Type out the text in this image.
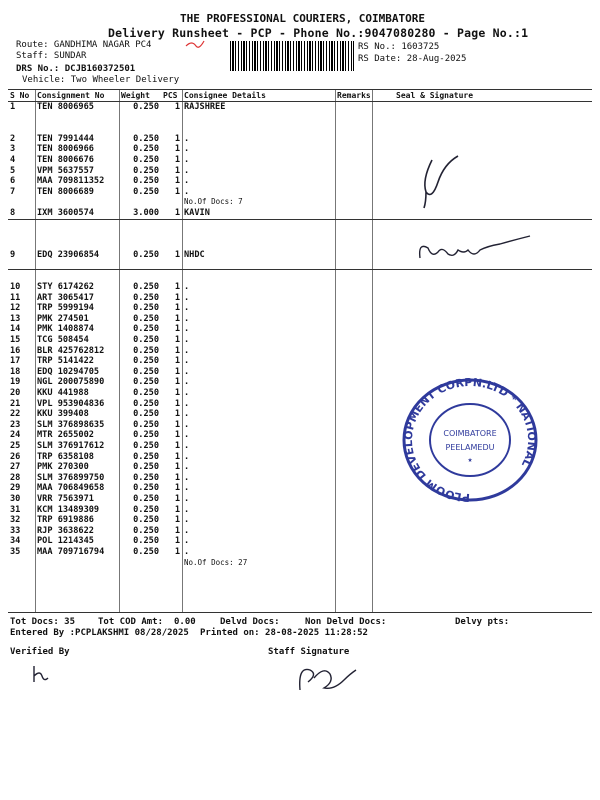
THE PROFESSIONAL COURIERS, COIMBATORE
Delivery Runsheet - PCP - Phone No.:9047080280 - Page No.:1
Route: GANDHIMA NAGAR PC4
Staff: SUNDAR
DRS No.: DCJB160372501
Vehicle: Two Wheeler Delivery
RS No.: 1603725
RS Date: 28-Aug-2025
S No	Consignment No	Weight	PCS	Consignee Details	Remarks	Seal & Signature
1	TEN 8006965	0.250	1	RAJSHREE		

2	TEN 7991444	0.250	1	.		
3	TEN 8006966	0.250	1	.		
4	TEN 8006676	0.250	1	.		
5	VPM 5637557	0.250	1	.		
6	MAA 709811352	0.250	1	.		
7	TEN 8006689	0.250	1	.		
				No.Of Docs: 7		
8	IXM 3600574	3.000	1	KAVIN		

9	EDQ 23906854	0.250	1	NHDC		

10	STY 6174262	0.250	1	.		
11	ART 3065417	0.250	1	.		
12	TRP 5999194	0.250	1	.		
13	PMK 274501	0.250	1	.		
14	PMK 1408874	0.250	1	.		
15	TCG 508454	0.250	1	.		
16	BLR 425762812	0.250	1	.		
17	TRP 5141422	0.250	1	.		
18	EDQ 10294705	0.250	1	.		
19	NGL 200075890	0.250	1	.		
20	KKU 441988	0.250	1	.		
21	VPL 953904836	0.250	1	.		
22	KKU 399408	0.250	1	.		
23	SLM 376898635	0.250	1	.		
24	MTR 2655002	0.250	1	.		
25	SLM 376917612	0.250	1	.		
26	TRP 6358108	0.250	1	.		
27	PMK 270300	0.250	1	.		
28	SLM 376899750	0.250	1	.		
29	MAA 706849658	0.250	1	.		
30	VRR 7563971	0.250	1	.		
31	KCM 13489309	0.250	1	.		
32	TRP 6919886	0.250	1	.		
33	RJP 3638622	0.250	1	.		
34	POL 1214345	0.250	1	.		
35	MAA 709716794	0.250	1	.		
				No.Of Docs: 27		
PLOOM DEVELOPMENT CORPN.LTD * NATIONAL
COIMBATORE
PEELAMEDU
★
Tot Docs: 35	Tot COD Amt: 0.00	Delvd Docs:	Non Delvd Docs:	Delvy pts:
Entered By :PCPLAKSHMI 08/28/2025 Printed on: 28-08-2025 11:28:52
Verified By	Staff Signature
